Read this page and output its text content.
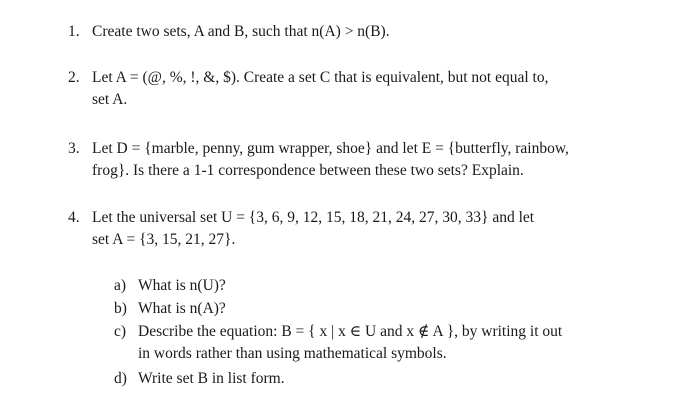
1. Create two sets, A and B, such that n(A) > n(B).
2. Let A = (@, %, !, &, $). Create a set C that is equivalent, but not equal to,
set A.
3. Let D = {marble, penny, gum wrapper, shoe} and let E = {butterfly, rainbow,
frog}. Is there a 1-1 correspondence between these two sets? Explain.
4. Let the universal set U = {3, 6, 9, 12, 15, 18, 21, 24, 27, 30, 33} and let
set A = {3, 15, 21, 27}.
a) What is n(U)?
b) What is n(A)?
c) Describe the equation: B = { x | x ∈ U and x ∉ A }, by writing it out
in words rather than using mathematical symbols.
d) Write set B in list form.
